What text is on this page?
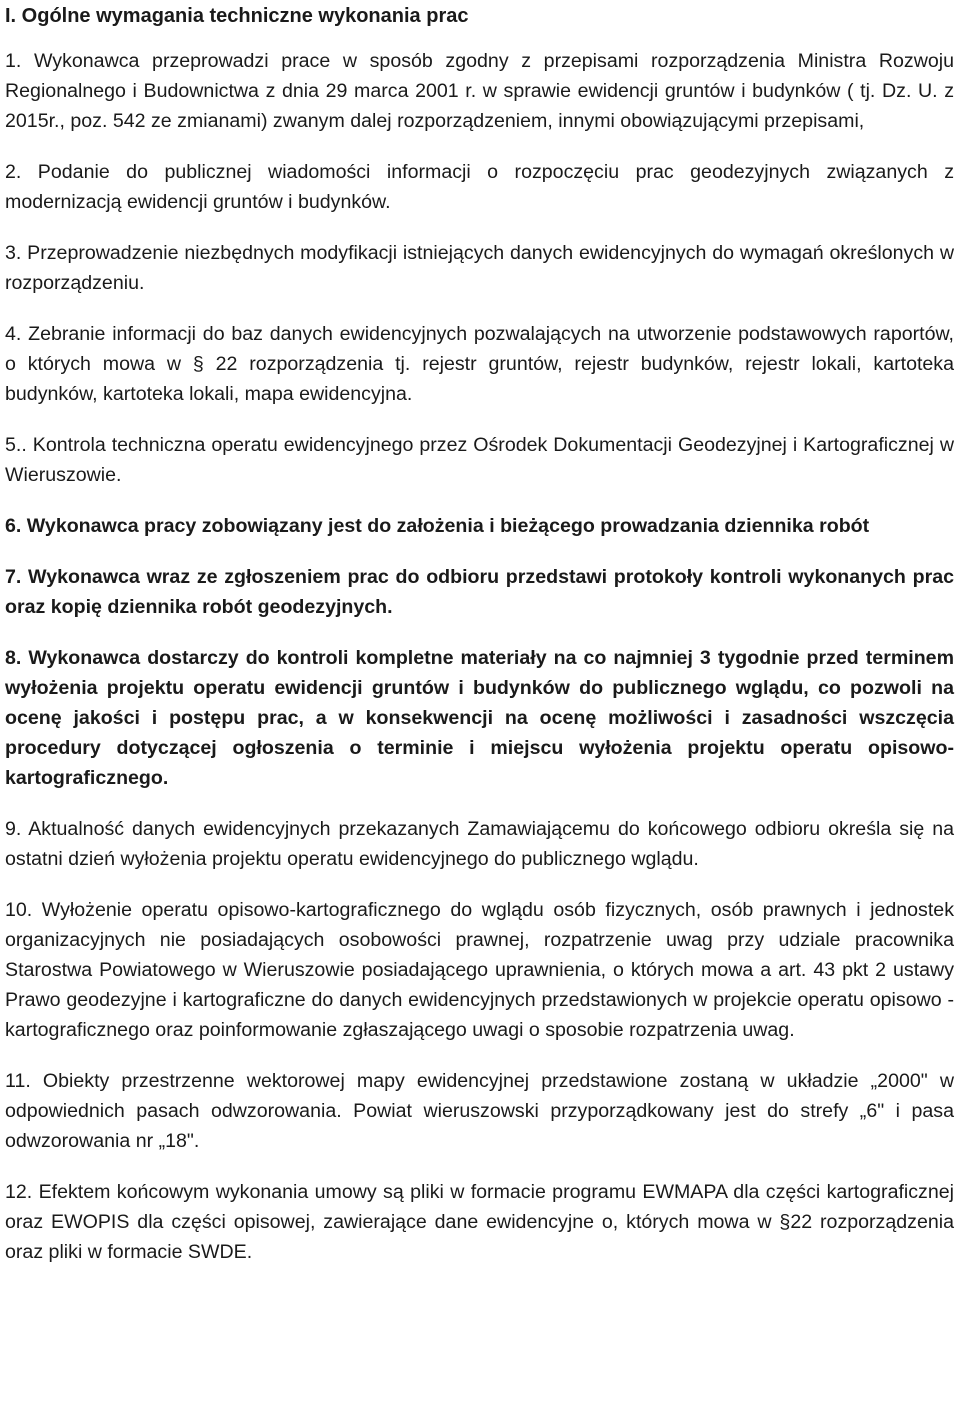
I. Ogólne wymagania techniczne wykonania prac

1. Wykonawca przeprowadzi prace w sposób zgodny z przepisami rozporządzenia Ministra Rozwoju Regionalnego i Budownictwa z dnia 29 marca 2001 r. w sprawie ewidencji gruntów i budynków ( tj. Dz. U. z 2015r., poz. 542 ze zmianami) zwanym dalej rozporządzeniem, innymi obowiązującymi przepisami,

2. Podanie do publicznej wiadomości informacji o rozpoczęciu prac geodezyjnych związanych z modernizacją ewidencji gruntów i budynków.

3. Przeprowadzenie niezbędnych modyfikacji istniejących danych ewidencyjnych do wymagań określonych w rozporządzeniu.

4. Zebranie informacji do baz danych ewidencyjnych pozwalających na utworzenie podstawowych raportów, o których mowa w § 22 rozporządzenia tj. rejestr gruntów, rejestr budynków, rejestr lokali, kartoteka budynków, kartoteka lokali, mapa ewidencyjna.

5.. Kontrola techniczna operatu ewidencyjnego przez Ośrodek Dokumentacji Geodezyjnej i Kartograficznej w Wieruszowie.

6. Wykonawca pracy zobowiązany jest do założenia i bieżącego prowadzania dziennika robót

7. Wykonawca wraz ze zgłoszeniem prac do odbioru przedstawi protokoły kontroli wykonanych prac oraz kopię dziennika robót geodezyjnych.

8. Wykonawca dostarczy do kontroli kompletne materiały na co najmniej 3 tygodnie przed terminem wyłożenia projektu operatu ewidencji gruntów i budynków do publicznego wglądu, co pozwoli na ocenę jakości i postępu prac, a w konsekwencji na ocenę możliwości i zasadności wszczęcia procedury dotyczącej ogłoszenia o terminie i miejscu wyłożenia projektu operatu opisowo- kartograficznego.

9. Aktualność danych ewidencyjnych przekazanych Zamawiającemu do końcowego odbioru określa się na ostatni dzień wyłożenia projektu operatu ewidencyjnego do publicznego wglądu.

10. Wyłożenie operatu opisowo-kartograficznego do wglądu osób fizycznych, osób prawnych i jednostek organizacyjnych nie posiadających osobowości prawnej, rozpatrzenie uwag przy udziale pracownika Starostwa Powiatowego w Wieruszowie posiadającego uprawnienia, o których mowa a art. 43 pkt 2 ustawy Prawo geodezyjne i kartograficzne do danych ewidencyjnych przedstawionych w projekcie operatu opisowo - kartograficznego oraz poinformowanie zgłaszającego uwagi o sposobie rozpatrzenia uwag.

11. Obiekty przestrzenne wektorowej mapy ewidencyjnej przedstawione zostaną w układzie „2000" w odpowiednich pasach odwzorowania. Powiat wieruszowski przyporządkowany jest do strefy „6" i pasa odwzorowania nr „18".

12. Efektem końcowym wykonania umowy są pliki w formacie programu EWMAPA dla części kartograficznej oraz EWOPIS dla części opisowej, zawierające dane ewidencyjne o, których mowa w §22 rozporządzenia oraz pliki w formacie SWDE.
